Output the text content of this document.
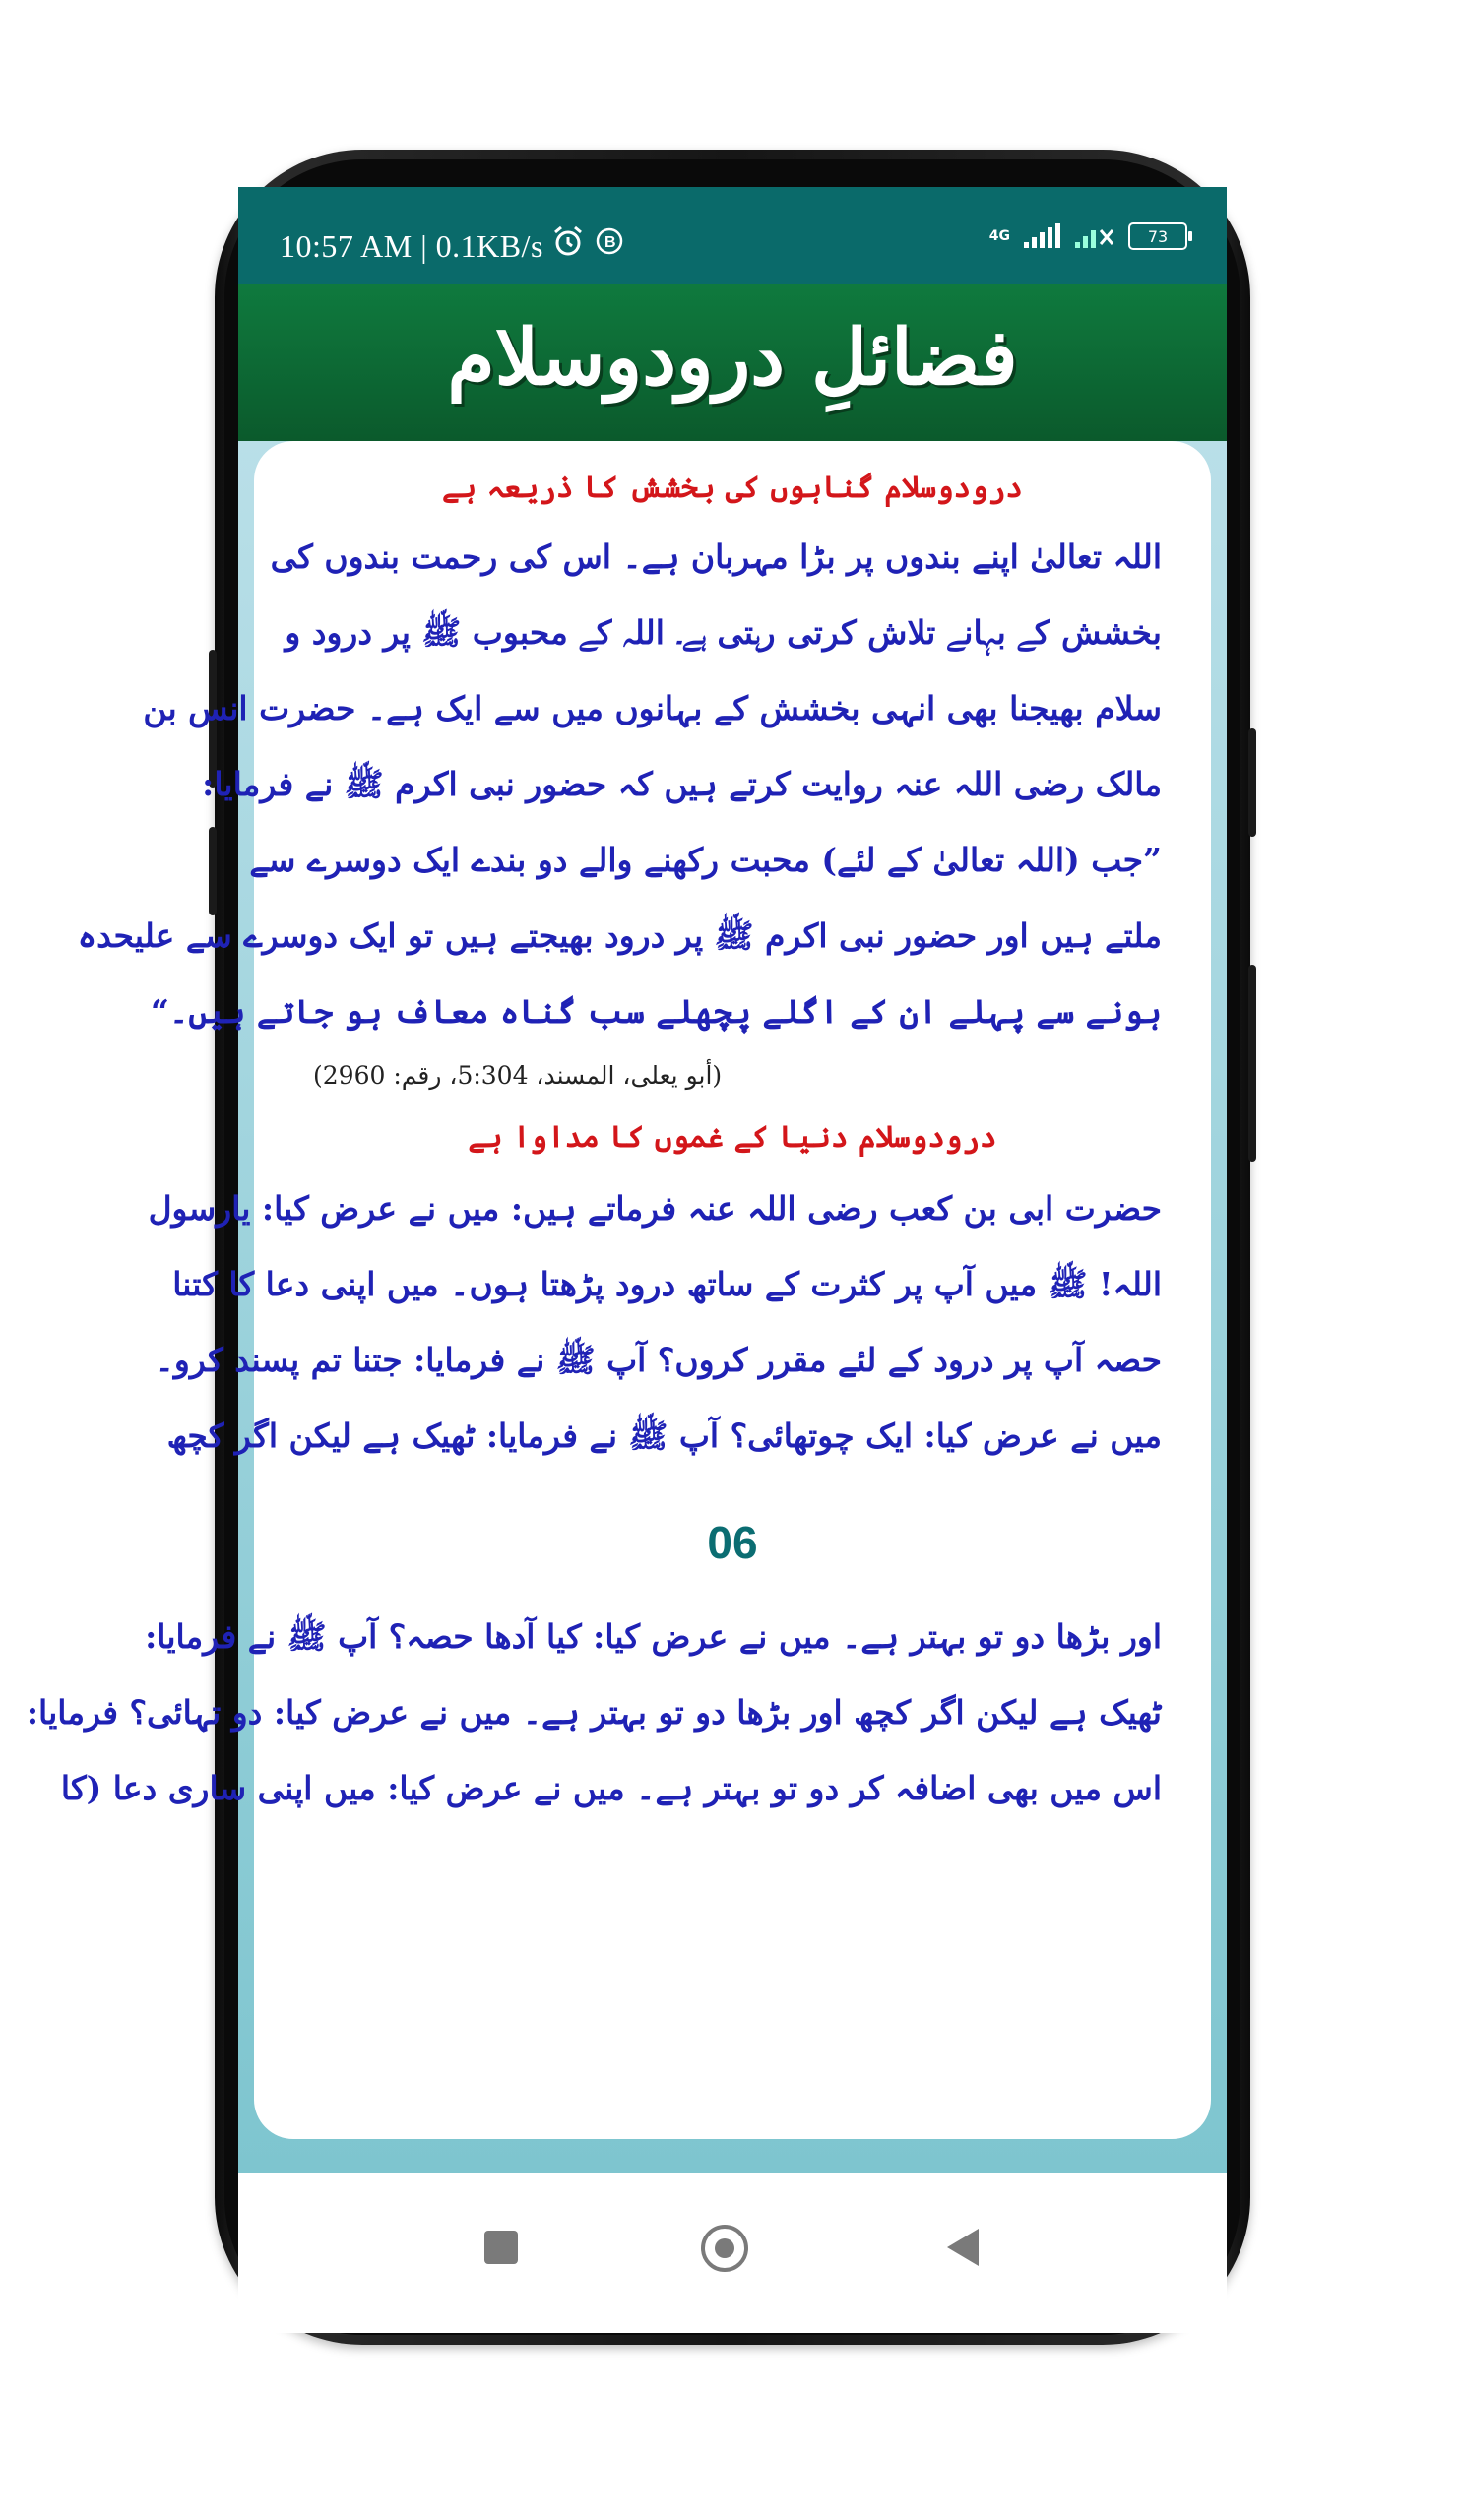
10:57 AM | 0.1KB/s	B	4G	73
فضائلِ درودوسلام
درودوسلام گناہوں کی بخشش کا ذریعہ ہے
اللہ تعالیٰ اپنے بندوں پر بڑا مہربان ہے۔ اس کی رحمت بندوں کی
بخشش کے بہانے تلاش کرتی رہتی ہے۔ اللہ کے محبوب ﷺ پر درود و
سلام بھیجنا بھی انہی بخشش کے بہانوں میں سے ایک ہے۔ حضرت انس بن
مالک رضی اللہ عنہ روایت کرتے ہیں کہ حضور نبی اکرم ﷺ نے فرمایا:
”جب (اللہ تعالیٰ کے لئے) محبت رکھنے والے دو بندے ایک دوسرے سے
ملتے ہیں اور حضور نبی اکرم ﷺ پر درود بھیجتے ہیں تو ایک دوسرے سے علیحدہ
ہونے سے پہلے ان کے اگلے پچھلے سب گناہ معاف ہو جاتے ہیں۔“
(أبو يعلى، المسند، 5:304، رقم: 2960)
درودوسلام دنیا کے غموں کا مداوا ہے
حضرت ابی بن کعب رضی اللہ عنہ فرماتے ہیں: میں نے عرض کیا: یارسول
اللہ! ﷺ میں آپ پر کثرت کے ساتھ درود پڑھتا ہوں۔ میں اپنی دعا کا کتنا
حصہ آپ پر درود کے لئے مقرر کروں؟ آپ ﷺ نے فرمایا: جتنا تم پسند کرو۔
میں نے عرض کیا: ایک چوتھائی؟ آپ ﷺ نے فرمایا: ٹھیک ہے لیکن اگر کچھ
06
اور بڑھا دو تو بہتر ہے۔ میں نے عرض کیا: کیا آدھا حصہ؟ آپ ﷺ نے فرمایا:
ٹھیک ہے لیکن اگر کچھ اور بڑھا دو تو بہتر ہے۔ میں نے عرض کیا: دو تہائی؟ فرمایا:
اس میں بھی اضافہ کر دو تو بہتر ہے۔ میں نے عرض کیا: میں اپنی ساری دعا (کا
